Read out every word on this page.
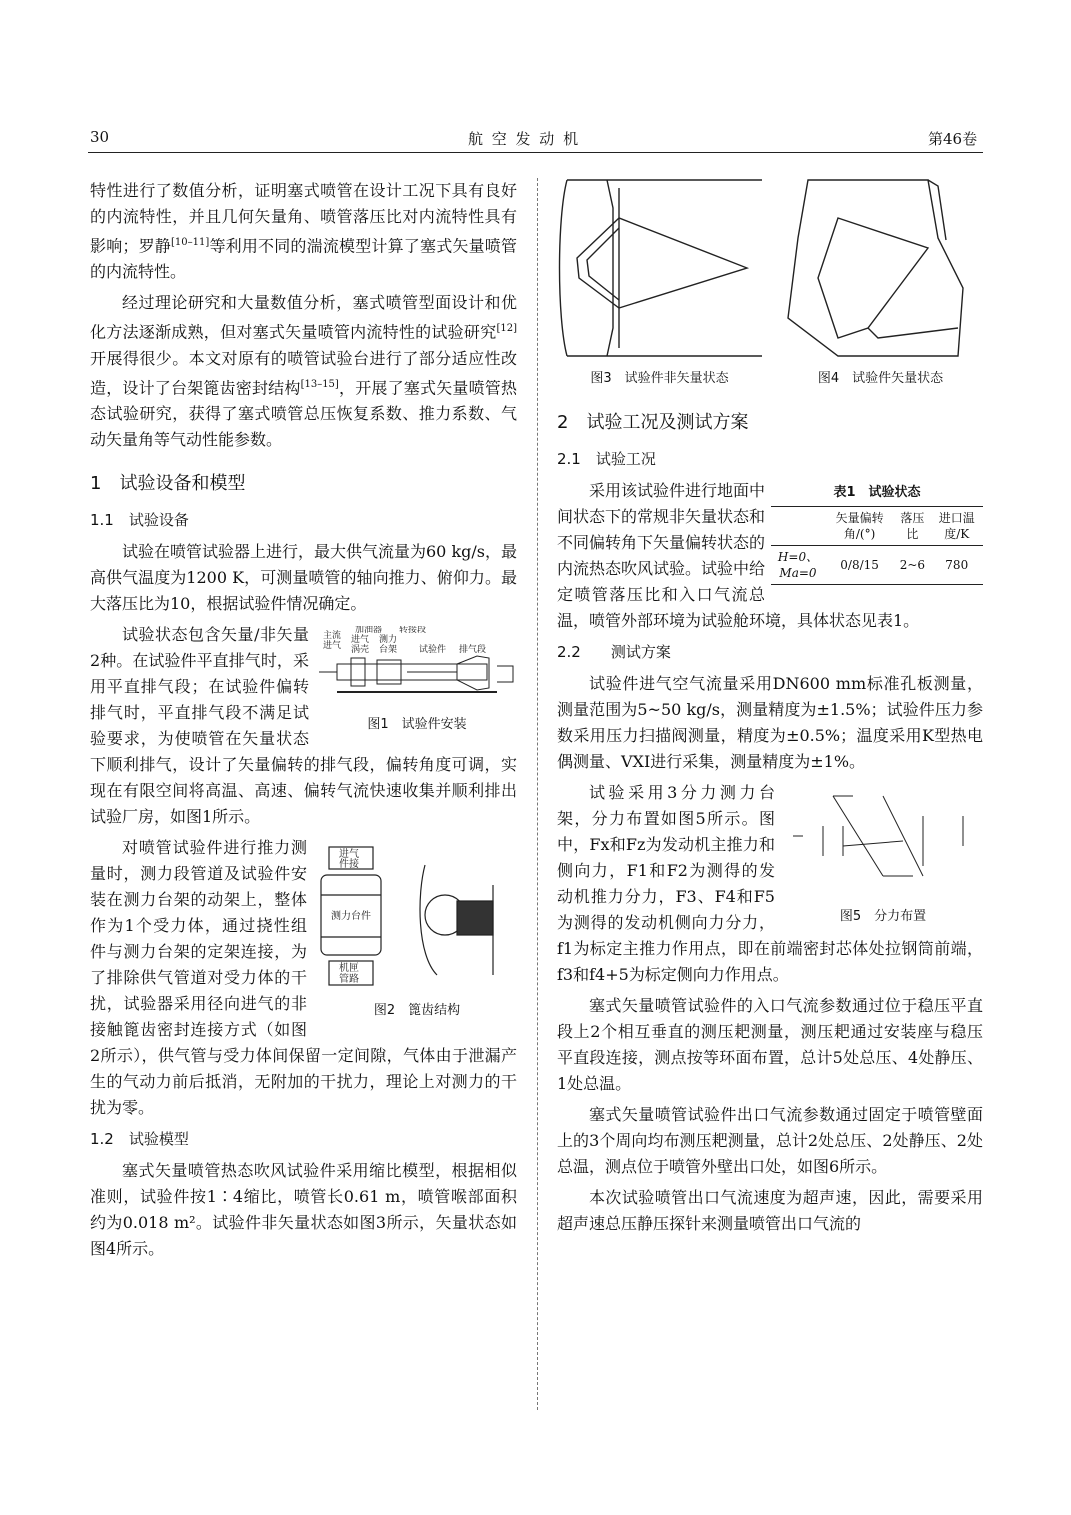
30	航 空 发 动 机	第46卷

特性进行了数值分析，证明塞式喷管在设计工况下具有良好的内流特性，并且几何矢量角、喷管落压比对内流特性具有影响；罗静[10–11]等利用不同的湍流模型计算了塞式矢量喷管的内流特性。

经过理论研究和大量数值分析，塞式喷管型面设计和优化方法逐渐成熟，但对塞式矢量喷管内流特性的试验研究[12]开展得很少。本文对原有的喷管试验台进行了部分适应性改造，设计了台架篦齿密封结构[13–15]，开展了塞式矢量喷管热态试验研究，获得了塞式喷管总压恢复系数、推力系数、气动矢量角等气动性能参数。

1　试验设备和模型
1.1　试验设备

试验在喷管试验器上进行，最大供气流量为60 kg/s，最高供气温度为1200 K，可测量喷管的轴向推力、俯仰力。最大落压比为10，根据试验件情况确定。

主流
进气
加油器 转接段
进气 测力
涡壳 台架 试验件 排气段
图1　试验件安装

试验状态包含矢量/非矢量2种。在试验件平直排气时，采用平直排气段；在试验件偏转排气时，平直排气段不满足试验要求，为使喷管在矢量状态下顺利排气，设计了矢量偏转的排气段，偏转角度可调，实现在有限空间将高温、高速、偏转气流快速收集并顺利排出试验厂房，如图1所示。

进气
件接
测力台件
机匣
管路
图2　篦齿结构

对喷管试验件进行推力测量时，测力段管道及试验件安装在测力台架的动架上，整体作为1个受力体，通过挠性组件与测力台架的定架连接，为了排除供气管道对受力体的干扰，试验器采用径向进气的非接触篦齿密封连接方式（如图2所示），供气管与受力体间保留一定间隙，气体由于泄漏产生的气动力前后抵消，无附加的干扰力，理论上对测力的干扰为零。

1.2　试验模型

塞式矢量喷管热态吹风试验件采用缩比模型，根据相似准则，试验件按1∶4缩比，喷管长0.61 m，喷管喉部面积约为0.018 m²。试验件非矢量状态如图3所示，矢量状态如图4所示。

图3　试验件非矢量状态	图4　试验件矢量状态
2　试验工况及测试方案
2.1　试验工况
表1　试验状态
	矢量偏转角/(°)	落压比	进口温度/K
H=0、Ma=0	0/8/15	2~6	780

采用该试验件进行地面中间状态下的常规非矢量状态和不同偏转角下矢量偏转状态的内流热态吹风试验。试验中给定喷管落压比和入口气流总温，喷管外部环境为试验舱环境，具体状态见表1。

2.2　　测试方案

试验件进气空气流量采用DN600 mm标准孔板测量，测量范围为5~50 kg/s，测量精度为±1.5%；试验件压力参数采用压力扫描阀测量，精度为±0.5%；温度采用K型热电偶测量、VXI进行采集，测量精度为±1%。

图5　分力布置

试验采用3分力测力台架，分力布置如图5所示。图中，Fx和Fz为发动机主推力和侧向力，F1和F2为测得的发动机推力分力，F3、F4和F5为测得的发动机侧向力分力，f1为标定主推力作用点，即在前端密封芯体处拉钢筒前端，f3和f4+5为标定侧向力作用点。

塞式矢量喷管试验件的入口气流参数通过位于稳压平直段上2个相互垂直的测压耙测量，测压耙通过安装座与稳压平直段连接，测点按等环面布置，总计5处总压、4处静压、1处总温。

塞式矢量喷管试验件出口气流参数通过固定于喷管壁面上的3个周向均布测压耙测量，总计2处总压、2处静压、2处总温，测点位于喷管外壁出口处，如图6所示。

本次试验喷管出口气流速度为超声速，因此，需要采用超声速总压静压探针来测量喷管出口气流的
